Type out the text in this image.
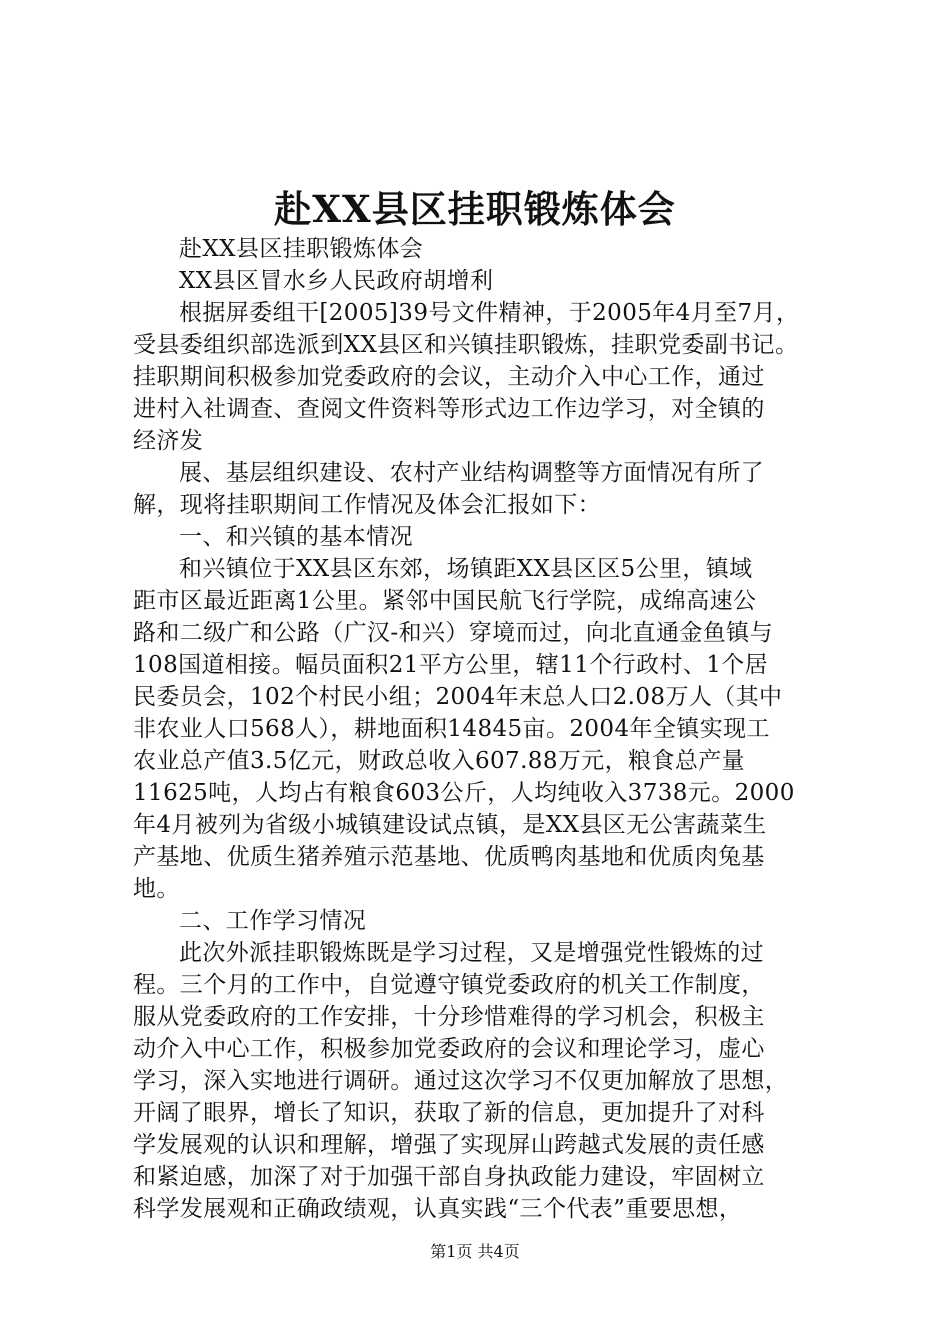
赴XX县区挂职锻炼体会
赴XX县区挂职锻炼体会
XX县区冒水乡人民政府胡增利
根据屏委组干[2005]39号文件精神，于2005年4月至7月，
受县委组织部选派到XX县区和兴镇挂职锻炼，挂职党委副书记。
挂职期间积极参加党委政府的会议，主动介入中心工作，通过
进村入社调查、查阅文件资料等形式边工作边学习，对全镇的
经济发
展、基层组织建设、农村产业结构调整等方面情况有所了
解，现将挂职期间工作情况及体会汇报如下：
一、和兴镇的基本情况
和兴镇位于XX县区东郊，场镇距XX县区区5公里，镇域
距市区最近距离1公里。紧邻中国民航飞行学院，成绵高速公
路和二级广和公路（广汉-和兴）穿境而过，向北直通金鱼镇与
108国道相接。幅员面积21平方公里，辖11个行政村、1个居
民委员会，102个村民小组；2004年末总人口2.08万人（其中
非农业人口568人），耕地面积14845亩。2004年全镇实现工
农业总产值3.5亿元，财政总收入607.88万元，粮食总产量
11625吨，人均占有粮食603公斤，人均纯收入3738元。2000
年4月被列为省级小城镇建设试点镇，是XX县区无公害蔬菜生
产基地、优质生猪养殖示范基地、优质鸭肉基地和优质肉兔基
地。
二、工作学习情况
此次外派挂职锻炼既是学习过程，又是增强党性锻炼的过
程。三个月的工作中，自觉遵守镇党委政府的机关工作制度，
服从党委政府的工作安排，十分珍惜难得的学习机会，积极主
动介入中心工作，积极参加党委政府的会议和理论学习，虚心
学习，深入实地进行调研。通过这次学习不仅更加解放了思想，
开阔了眼界，增长了知识，获取了新的信息，更加提升了对科
学发展观的认识和理解，增强了实现屏山跨越式发展的责任感
和紧迫感，加深了对于加强干部自身执政能力建设，牢固树立
科学发展观和正确政绩观，认真实践“三个代表”重要思想，
第1页 共4页
